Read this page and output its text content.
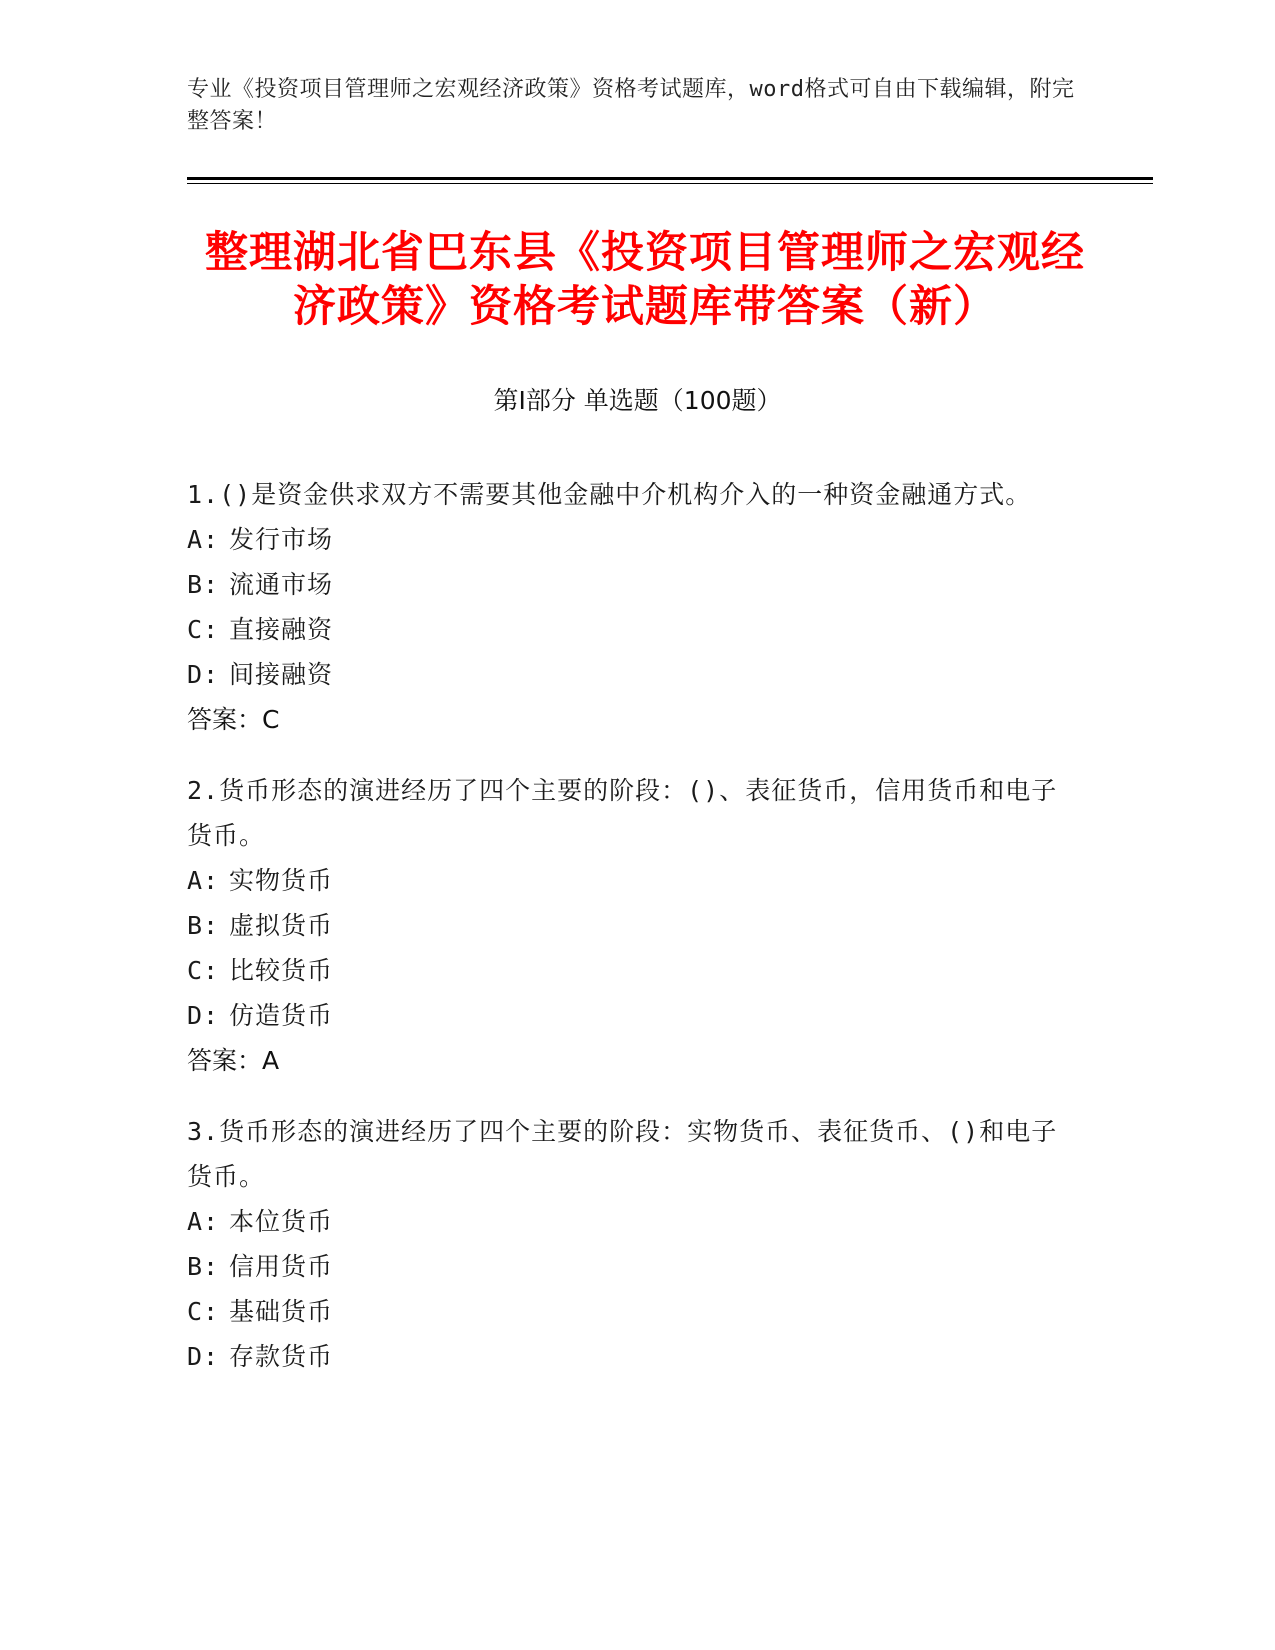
专业《投资项目管理师之宏观经济政策》资格考试题库，word格式可自由下载编辑，附完整答案！
整理湖北省巴东县《投资项目管理师之宏观经济政策》资格考试题库带答案（新）
第Ⅰ部分 单选题（100题）
1.()是资金供求双方不需要其他金融中介机构介入的一种资金融通方式。
A: 发行市场
B: 流通市场
C: 直接融资
D: 间接融资
答案：C
2.货币形态的演进经历了四个主要的阶段：()、表征货币，信用货币和电子货币。
A: 实物货币
B: 虚拟货币
C: 比较货币
D: 仿造货币
答案：A
3.货币形态的演进经历了四个主要的阶段：实物货币、表征货币、()和电子货币。
A: 本位货币
B: 信用货币
C: 基础货币
D: 存款货币
